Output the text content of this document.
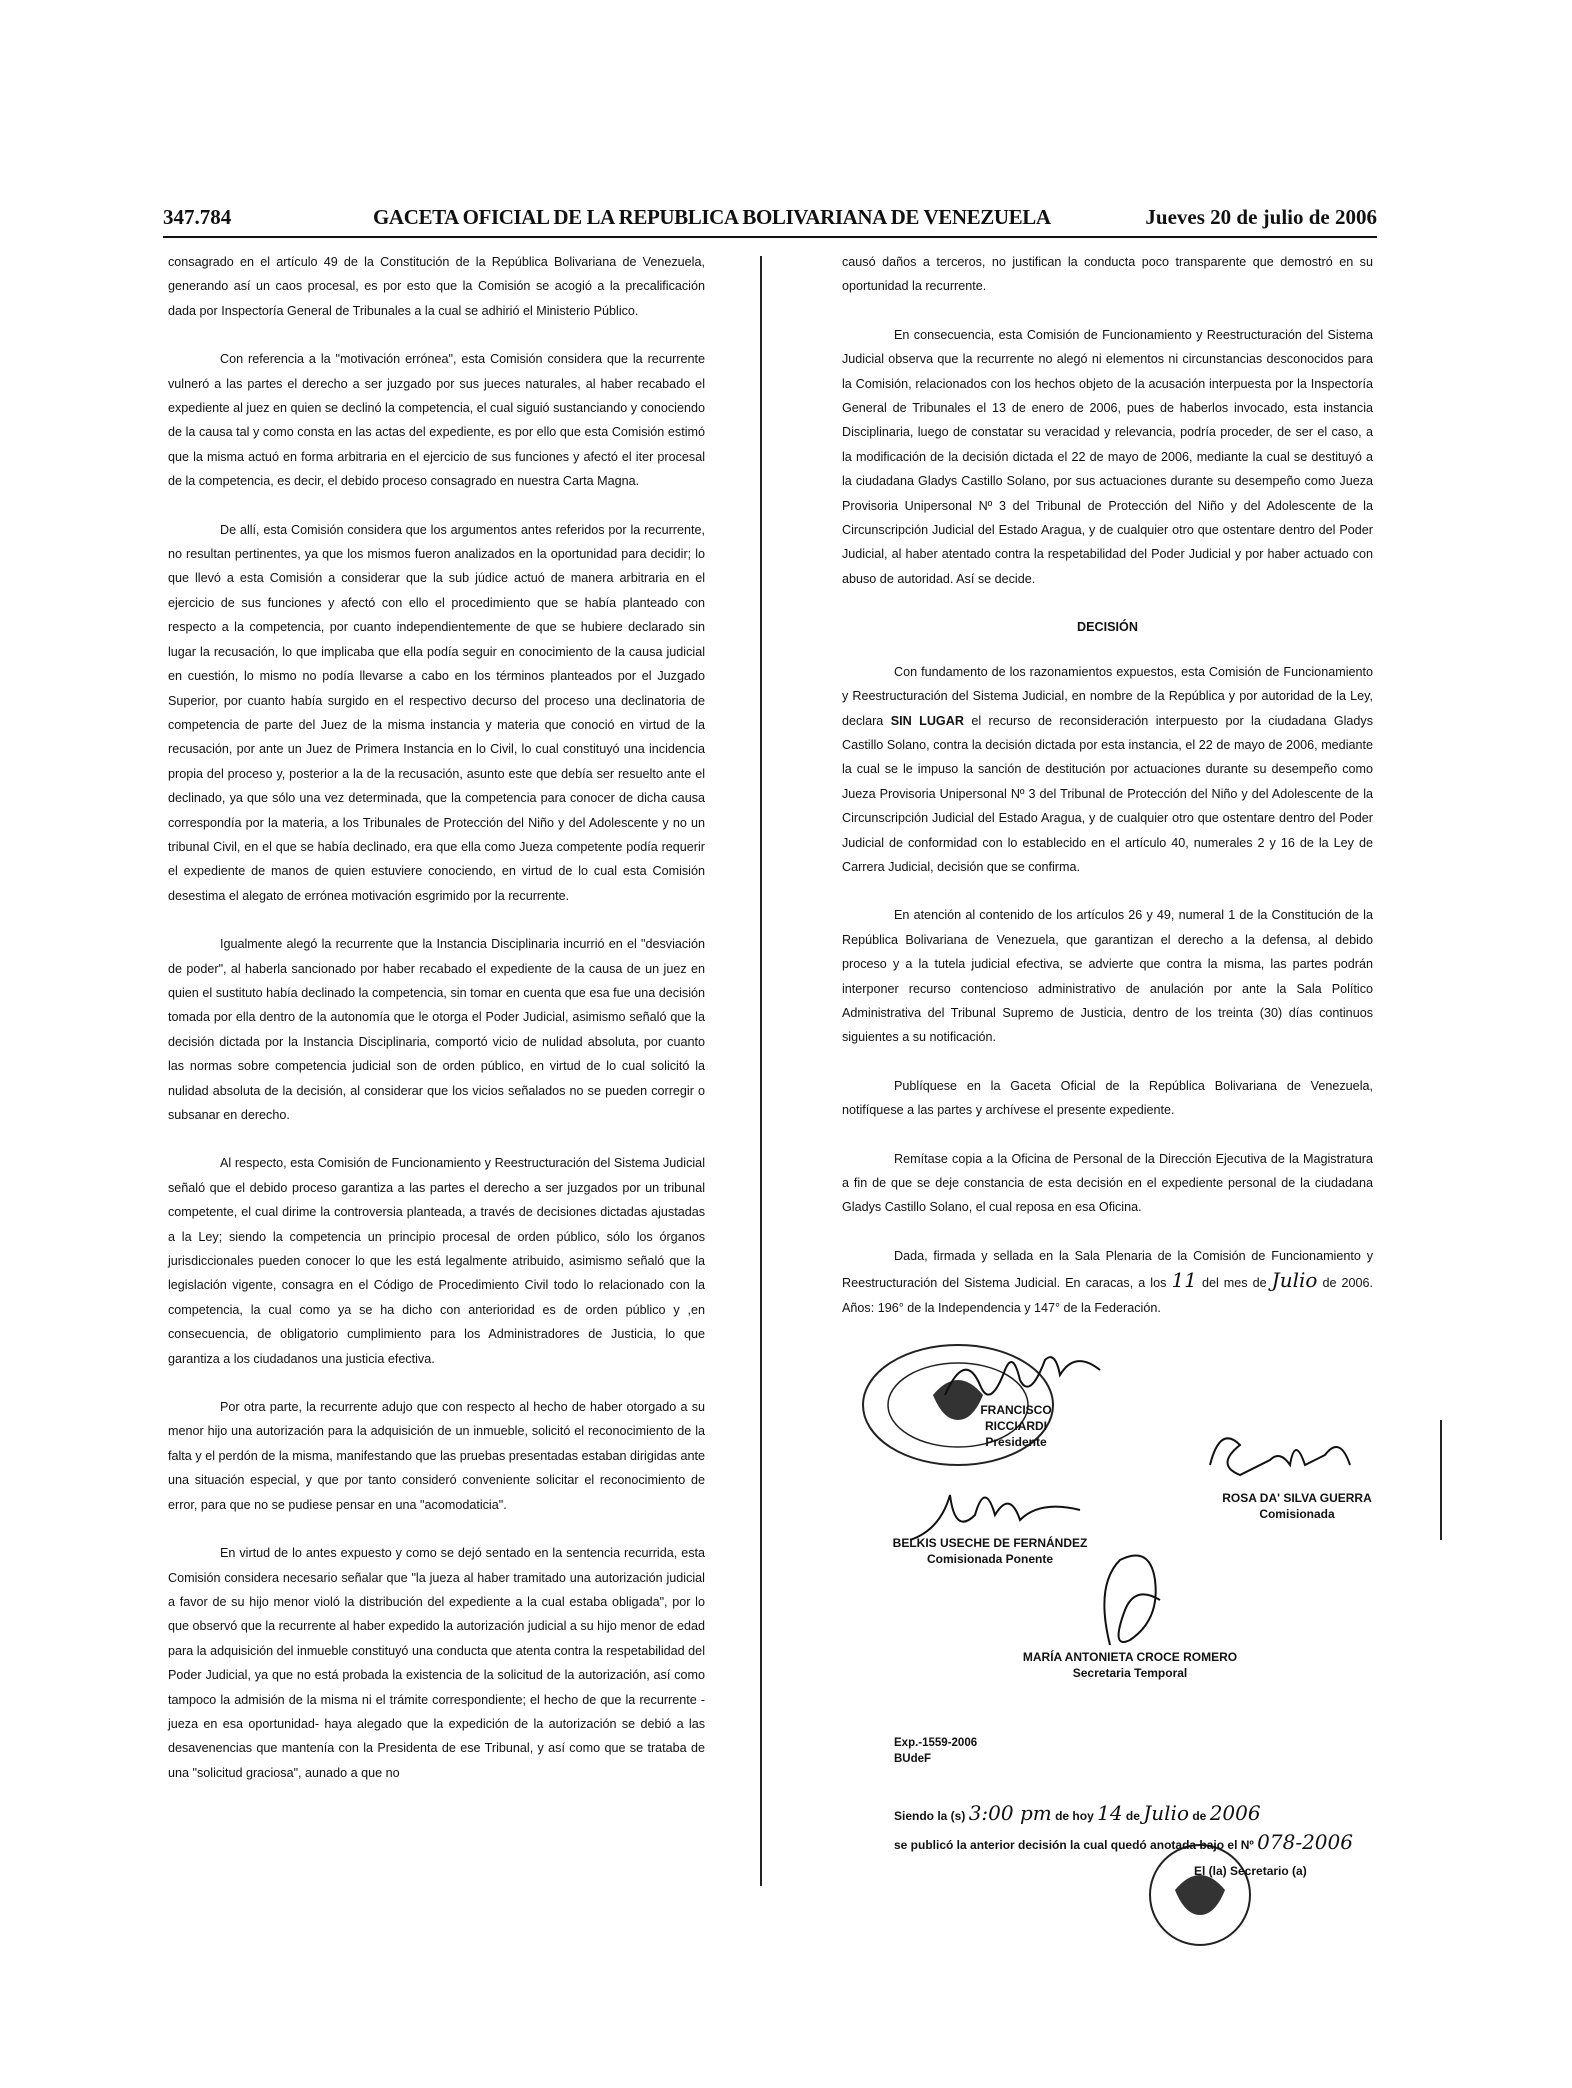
347.784	GACETA OFICIAL DE LA REPUBLICA BOLIVARIANA DE VENEZUELA	Jueves 20 de julio de 2006

consagrado en el artículo 49 de la Constitución de la República Bolivariana de Venezuela, generando así un caos procesal, es por esto que la Comisión se acogió a la precalificación dada por Inspectoría General de Tribunales a la cual se adhirió el Ministerio Público.

Con referencia a la "motivación errónea", esta Comisión considera que la recurrente vulneró a las partes el derecho a ser juzgado por sus jueces naturales, al haber recabado el expediente al juez en quien se declinó la competencia, el cual siguió sustanciando y conociendo de la causa tal y como consta en las actas del expediente, es por ello que esta Comisión estimó que la misma actuó en forma arbitraria en el ejercicio de sus funciones y afectó el iter procesal de la competencia, es decir, el debido proceso consagrado en nuestra Carta Magna.

De allí, esta Comisión considera que los argumentos antes referidos por la recurrente, no resultan pertinentes, ya que los mismos fueron analizados en la oportunidad para decidir; lo que llevó a esta Comisión a considerar que la sub júdice actuó de manera arbitraria en el ejercicio de sus funciones y afectó con ello el procedimiento que se había planteado con respecto a la competencia, por cuanto independientemente de que se hubiere declarado sin lugar la recusación, lo que implicaba que ella podía seguir en conocimiento de la causa judicial en cuestión, lo mismo no podía llevarse a cabo en los términos planteados por el Juzgado Superior, por cuanto había surgido en el respectivo decurso del proceso una declinatoria de competencia de parte del Juez de la misma instancia y materia que conoció en virtud de la recusación, por ante un Juez de Primera Instancia en lo Civil, lo cual constituyó una incidencia propia del proceso y, posterior a la de la recusación, asunto este que debía ser resuelto ante el declinado, ya que sólo una vez determinada, que la competencia para conocer de dicha causa correspondía por la materia, a los Tribunales de Protección del Niño y del Adolescente y no un tribunal Civil, en el que se había declinado, era que ella como Jueza competente podía requerir el expediente de manos de quien estuviere conociendo, en virtud de lo cual esta Comisión desestima el alegato de errónea motivación esgrimido por la recurrente.

Igualmente alegó la recurrente que la Instancia Disciplinaria incurrió en el "desviación de poder", al haberla sancionado por haber recabado el expediente de la causa de un juez en quien el sustituto había declinado la competencia, sin tomar en cuenta que esa fue una decisión tomada por ella dentro de la autonomía que le otorga el Poder Judicial, asimismo señaló que la decisión dictada por la Instancia Disciplinaria, comportó vicio de nulidad absoluta, por cuanto las normas sobre competencia judicial son de orden público, en virtud de lo cual solicitó la nulidad absoluta de la decisión, al considerar que los vicios señalados no se pueden corregir o subsanar en derecho.

Al respecto, esta Comisión de Funcionamiento y Reestructuración del Sistema Judicial señaló que el debido proceso garantiza a las partes el derecho a ser juzgados por un tribunal competente, el cual dirime la controversia planteada, a través de decisiones dictadas ajustadas a la Ley; siendo la competencia un principio procesal de orden público, sólo los órganos jurisdiccionales pueden conocer lo que les está legalmente atribuido, asimismo señaló que la legislación vigente, consagra en el Código de Procedimiento Civil todo lo relacionado con la competencia, la cual como ya se ha dicho con anterioridad es de orden público y ,en consecuencia, de obligatorio cumplimiento para los Administradores de Justicia, lo que garantiza a los ciudadanos una justicia efectiva.

Por otra parte, la recurrente adujo que con respecto al hecho de haber otorgado a su menor hijo una autorización para la adquisición de un inmueble, solicitó el reconocimiento de la falta y el perdón de la misma, manifestando que las pruebas presentadas estaban dirigidas ante una situación especial, y que por tanto consideró conveniente solicitar el reconocimiento de error, para que no se pudiese pensar en una "acomodaticia".

En virtud de lo antes expuesto y como se dejó sentado en la sentencia recurrida, esta Comisión considera necesario señalar que "la jueza al haber tramitado una autorización judicial a favor de su hijo menor violó la distribución del expediente a la cual estaba obligada", por lo que observó que la recurrente al haber expedido la autorización judicial a su hijo menor de edad para la adquisición del inmueble constituyó una conducta que atenta contra la respetabilidad del Poder Judicial, ya que no está probada la existencia de la solicitud de la autorización, así como tampoco la admisión de la misma ni el trámite correspondiente; el hecho de que la recurrente -jueza en esa oportunidad- haya alegado que la expedición de la autorización se debió a las desavenencias que mantenía con la Presidenta de ese Tribunal, y así como que se trataba de una "solicitud graciosa", aunado a que no

causó daños a terceros, no justifican la conducta poco transparente que demostró en su oportunidad la recurrente.

En consecuencia, esta Comisión de Funcionamiento y Reestructuración del Sistema Judicial observa que la recurrente no alegó ni elementos ni circunstancias desconocidos para la Comisión, relacionados con los hechos objeto de la acusación interpuesta por la Inspectoría General de Tribunales el 13 de enero de 2006, pues de haberlos invocado, esta instancia Disciplinaria, luego de constatar su veracidad y relevancia, podría proceder, de ser el caso, a la modificación de la decisión dictada el 22 de mayo de 2006, mediante la cual se destituyó a la ciudadana Gladys Castillo Solano, por sus actuaciones durante su desempeño como Jueza Provisoria Unipersonal Nº 3 del Tribunal de Protección del Niño y del Adolescente de la Circunscripción Judicial del Estado Aragua, y de cualquier otro que ostentare dentro del Poder Judicial, al haber atentado contra la respetabilidad del Poder Judicial y por haber actuado con abuso de autoridad. Así se decide.

DECISIÓN

Con fundamento de los razonamientos expuestos, esta Comisión de Funcionamiento y Reestructuración del Sistema Judicial, en nombre de la República y por autoridad de la Ley, declara SIN LUGAR el recurso de reconsideración interpuesto por la ciudadana Gladys Castillo Solano, contra la decisión dictada por esta instancia, el 22 de mayo de 2006, mediante la cual se le impuso la sanción de destitución por actuaciones durante su desempeño como Jueza Provisoria Unipersonal Nº 3 del Tribunal de Protección del Niño y del Adolescente de la Circunscripción Judicial del Estado Aragua, y de cualquier otro que ostentare dentro del Poder Judicial de conformidad con lo establecido en el artículo 40, numerales 2 y 16 de la Ley de Carrera Judicial, decisión que se confirma.

En atención al contenido de los artículos 26 y 49, numeral 1 de la Constitución de la República Bolivariana de Venezuela, que garantizan el derecho a la defensa, al debido proceso y a la tutela judicial efectiva, se advierte que contra la misma, las partes podrán interponer recurso contencioso administrativo de anulación por ante la Sala Político Administrativa del Tribunal Supremo de Justicia, dentro de los treinta (30) días continuos siguientes a su notificación.

Publíquese en la Gaceta Oficial de la República Bolivariana de Venezuela, notifíquese a las partes y archívese el presente expediente.

Remítase copia a la Oficina de Personal de la Dirección Ejecutiva de la Magistratura a fin de que se deje constancia de esta decisión en el expediente personal de la ciudadana Gladys Castillo Solano, el cual reposa en esa Oficina.

Dada, firmada y sellada en la Sala Plenaria de la Comisión de Funcionamiento y Reestructuración del Sistema Judicial. En caracas, a los 11 del mes de Julio de 2006. Años: 196° de la Independencia y 147° de la Federación.

FRANCISCO RICCIARDI
Presidente
ROSA DA' SILVA GUERRA
Comisionada
BELKIS USECHE DE FERNÁNDEZ
Comisionada Ponente
MARÍA ANTONIETA CROCE ROMERO
Secretaria Temporal
Exp.-1559-2006
BUdeF
Siendo la (s) 3:00 pm de hoy 14 de Julio de 2006
se publicó la anterior decisión la cual quedó anotada bajo el Nº 078-2006
El (la) Secretario (a)
